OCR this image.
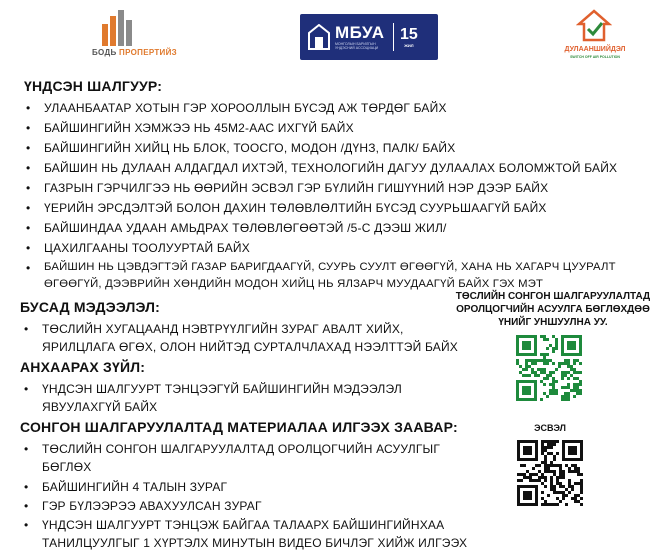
БОДЬ ПРОПЕРТИЙЗ
МБУА
МОНГОЛЫН БАРИЛГЫН УНДЭСНИЙ АССОЦИАЦИ
15
ЖИЛ
ДУЛААНШИЙДЭЛ
SWITCH OFF AIR POLLUTION
ҮНДСЭН ШАЛГУУР:
• УЛААНБААТАР ХОТЫН ГЭР ХОРООЛЛЫН БҮСЭД АЖ ТӨРДӨГ БАЙХ
• БАЙШИНГИЙН ХЭМЖЭЭ НЬ 45М2-ААС ИХГҮЙ БАЙХ
• БАЙШИНГИЙН ХИЙЦ НЬ БЛОК, ТООСГО, МОДОН /ДҮНЗ, ПАЛК/ БАЙХ
• БАЙШИН НЬ ДУЛААН АЛДАГДАЛ ИХТЭЙ, ТЕХНОЛОГИЙН ДАГУУ ДУЛААЛАХ БОЛОМЖТОЙ БАЙХ
• ГАЗРЫН ГЭРЧИЛГЭЭ НЬ ӨӨРИЙН ЭСВЭЛ ГЭР БҮЛИЙН ГИШҮҮНИЙ НЭР ДЭЭР БАЙХ
• ҮЕРИЙН ЭРСДЭЛТЭЙ БОЛОН ДАХИН ТӨЛӨВЛӨЛТИЙН БҮСЭД СУУРЬШААГҮЙ БАЙХ
• БАЙШИНДАА УДААН АМЬДРАХ ТӨЛӨВЛӨГӨӨТЭЙ /5-С ДЭЭШ ЖИЛ/
• ЦАХИЛГААНЫ ТООЛУУРТАЙ БАЙХ
• БАЙШИН НЬ ЦЭВДЭГТЭЙ ГАЗАР БАРИГДААГҮЙ, СУУРЬ СУУЛТ ӨГӨӨГҮЙ, ХАНА НЬ ХАГАРЧ ЦУУРАЛТ
ӨГӨӨГҮЙ, ДЭЭВРИЙН ХӨНДИЙН МОДОН ХИЙЦ НЬ ЯЛЗАРЧ МУУДААГҮЙ БАЙХ ГЭХ МЭТ
БУСАД МЭДЭЭЛЭЛ:
• ТӨСЛИЙН ХУГАЦААНД НЭВТРҮҮЛГИЙН ЗУРАГ АВАЛТ ХИЙХ,
ЯРИЛЦЛАГА ӨГӨХ, ОЛОН НИЙТЭД СУРТАЛЧЛАХАД НЭЭЛТТЭЙ БАЙХ
АНХААРАХ ЗҮЙЛ:
• ҮНДСЭН ШАЛГУУРТ ТЭНЦЭЭГҮЙ БАЙШИНГИЙН МЭДЭЭЛЭЛ
ЯВУУЛАХГҮЙ БАЙХ
СОНГОН ШАЛГАРУУЛАЛТАД МАТЕРИАЛАА ИЛГЭЭХ ЗААВАР:
• ТӨСЛИЙН СОНГОН ШАЛГАРУУЛАЛТАД ОРОЛЦОГЧИЙН АСУУЛГЫГ
БӨГЛӨХ
• БАЙШИНГИЙН 4 ТАЛЫН ЗУРАГ
• ГЭР БҮЛЭЭРЭЭ АВАХУУЛСАН ЗУРАГ
• ҮНДСЭН ШАЛГУУРТ ТЭНЦЭЖ БАЙГАА ТАЛААРХ БАЙШИНГИЙНХАА
ТАНИЛЦУУЛГЫГ 1 ХҮРТЭЛХ МИНУТЫН ВИДЕО БИЧЛЭГ ХИЙЖ ИЛГЭЭХ
ТӨСЛИЙН СОНГОН ШАЛГАРУУЛАЛТАД
ОРОЛЦОГЧИЙН АСУУЛГА БӨГЛӨХДӨӨ
ҮНИЙГ УНШУУЛНА УУ.
ЭСВЭЛ
